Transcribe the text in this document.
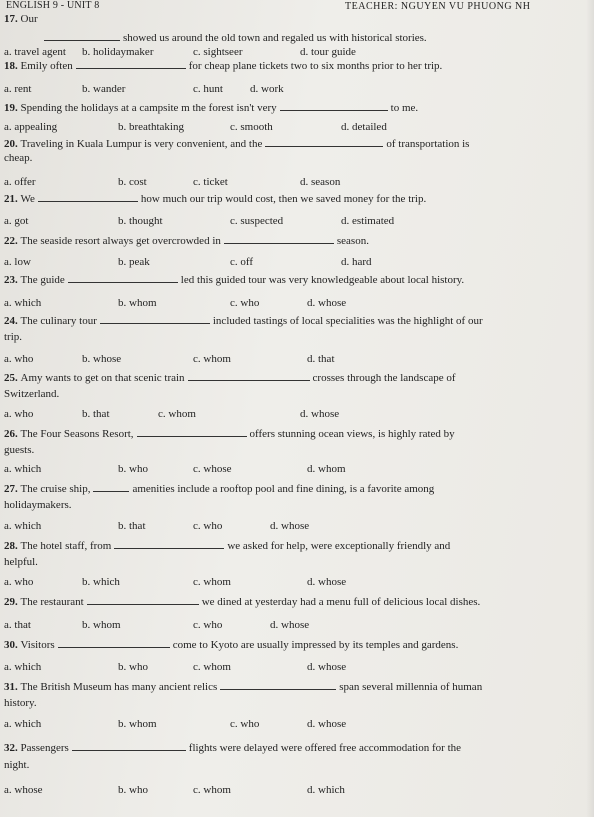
ENGLISH 9 - UNIT 8	TEACHER: NGUYEN VU PHUONG NH
17. Our
showed us around the old town and regaled us with historical stories.
a. travel agent b. holidaymaker	c. sightseer	d. tour guide
18. Emily often	for cheap plane tickets two to six months prior to her trip.
a. rent	b. wander	c. hunt d. work
19. Spending the holidays at a campsite m the forest isn't very	to me.
a. appealing	b. breathtaking	c. smooth	d. detailed
20. Traveling in Kuala Lumpur is very convenient, and the	of transportation is
cheap.
a. offer	b. cost	c. ticket	d. season
21. We	how much our trip would cost, then we saved money for the trip.
a. got	b. thought	c. suspected	d. estimated
22. The seaside resort always get overcrowded in	season.
a. low	b. peak	c. off	d. hard
23. The guide	led this guided tour was very knowledgeable about local history.
a. which	b. whom	c. who	d. whose
24. The culinary tour	included tastings of local specialities was the highlight of our
trip.
a. who	b. whose	c. whom	d. that
25. Amy wants to get on that scenic train	crosses through the landscape of
Switzerland.
a. who	b. that	c. whom	d. whose
26. The Four Seasons Resort,	offers stunning ocean views, is highly rated by
guests.
a. which	b. who	c. whose	d. whom
27. The cruise ship,	amenities include a rooftop pool and fine dining, is a favorite among
holidaymakers.
a. which	b. that	c. who	d. whose
28. The hotel staff, from	we asked for help, were exceptionally friendly and
helpful.
a. who	b. which	c. whom	d. whose
29. The restaurant	we dined at yesterday had a menu full of delicious local dishes.
a. that	b. whom	c. who	d. whose
30. Visitors	come to Kyoto are usually impressed by its temples and gardens.
a. which	b. who	c. whom	d. whose
31. The British Museum has many ancient relics	span several millennia of human
history.
a. which	b. whom	c. who	d. whose
32. Passengers	flights were delayed were offered free accommodation for the
night.
a. whose	b. who	c. whom	d. which
